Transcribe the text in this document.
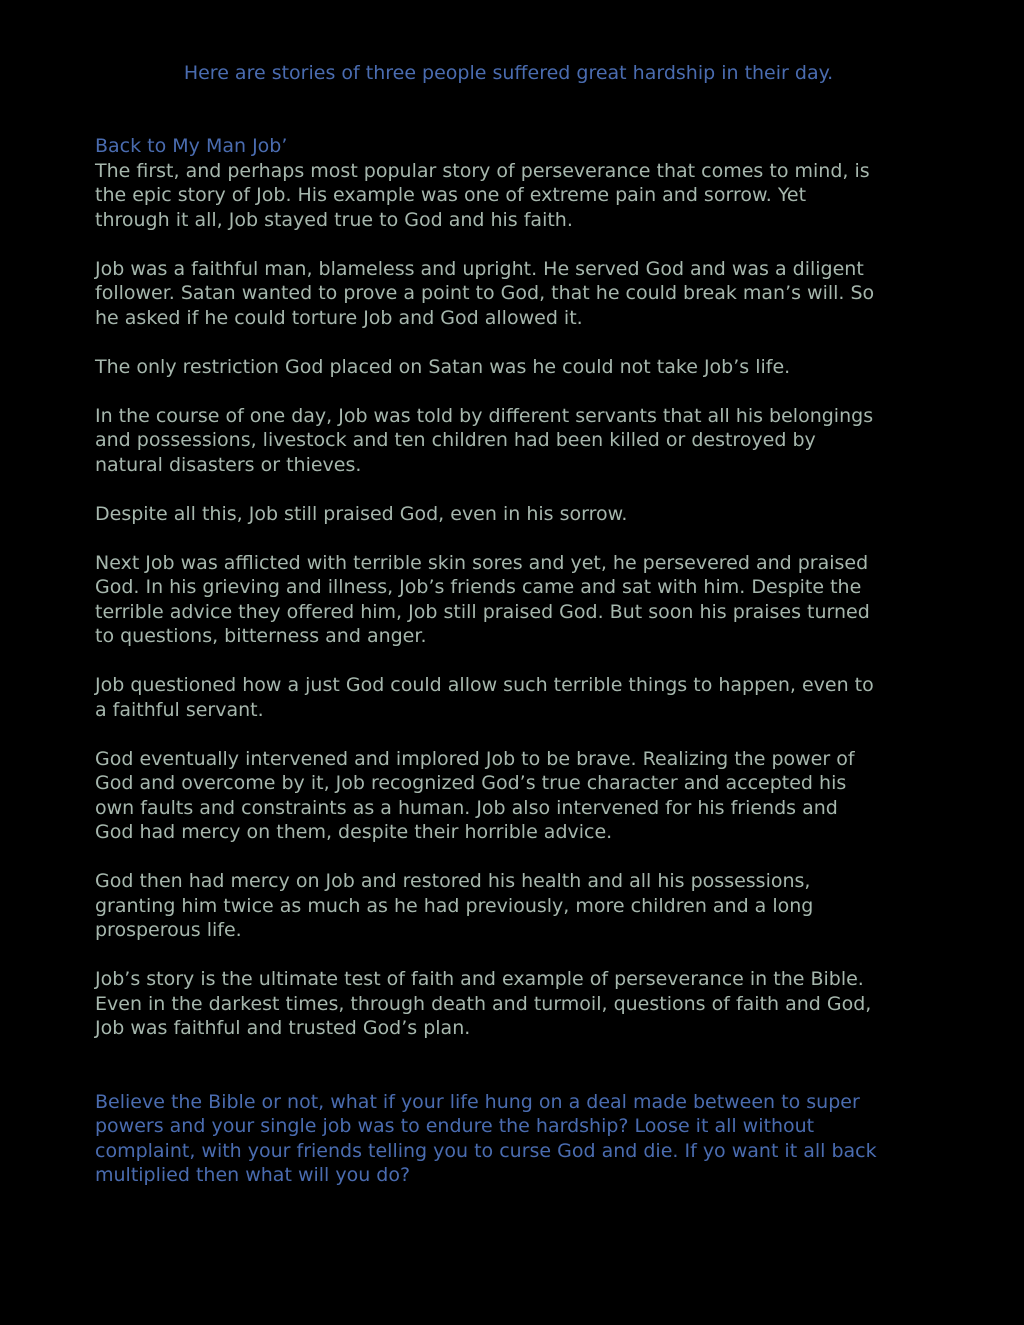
Here are stories of three people suffered great hardship in their day.

Back to My Man Job’

The first, and perhaps most popular story of perseverance that comes to mind, is
the epic story of Job. His example was one of extreme pain and sorrow. Yet
through it all, Job stayed true to God and his faith.

Job was a faithful man, blameless and upright. He served God and was a diligent
follower. Satan wanted to prove a point to God, that he could break man’s will. So
he asked if he could torture Job and God allowed it.

The only restriction God placed on Satan was he could not take Job’s life.

In the course of one day, Job was told by different servants that all his belongings
and possessions, livestock and ten children had been killed or destroyed by
natural disasters or thieves.

Despite all this, Job still praised God, even in his sorrow.

Next Job was afflicted with terrible skin sores and yet, he persevered and praised
God. In his grieving and illness, Job’s friends came and sat with him. Despite the
terrible advice they offered him, Job still praised God. But soon his praises turned
to questions, bitterness and anger.

Job questioned how a just God could allow such terrible things to happen, even to
a faithful servant.

God eventually intervened and implored Job to be brave. Realizing the power of
God and overcome by it, Job recognized God’s true character and accepted his
own faults and constraints as a human. Job also intervened for his friends and
God had mercy on them, despite their horrible advice.

God then had mercy on Job and restored his health and all his possessions,
granting him twice as much as he had previously, more children and a long
prosperous life.

Job’s story is the ultimate test of faith and example of perseverance in the Bible.
Even in the darkest times, through death and turmoil, questions of faith and God,
Job was faithful and trusted God’s plan.

Believe the Bible or not, what if your life hung on a deal made between to super
powers and your single job was to endure the hardship? Loose it all without
complaint, with your friends telling you to curse God and die. If yo want it all back
multiplied then what will you do?
